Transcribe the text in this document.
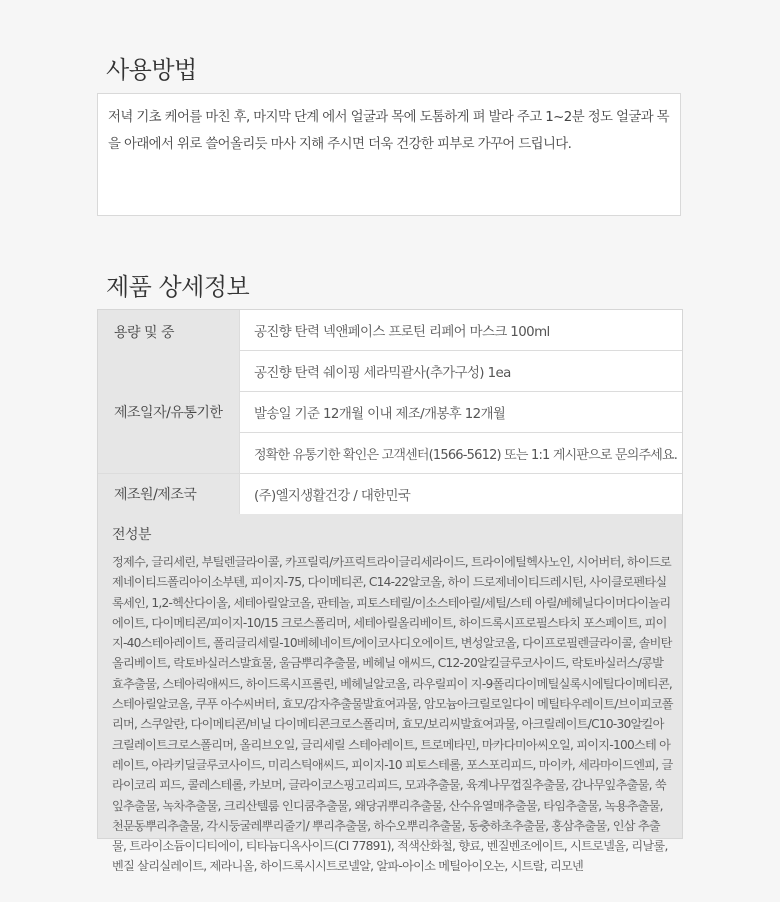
사용방법
저녁 기초 케어를 마친 후, 마지막 단계 에서 얼굴과 목에 도톰하게 펴 발라 주고 1~2분 정도 얼굴과 목을 아래에서 위로 쓸어올리듯 마사 지해 주시면 더욱 건강한 피부로 가꾸어 드립니다.
제품 상세정보
용량 및 중
제조일자/유통기한
제조원/제조국
공진향 탄력 넥앤페이스 프로틴 리페어 마스크 100ml
공진향 탄력 쉐이핑 세라믹괄사(추가구성) 1ea
발송일 기준 12개월 이내 제조/개봉후 12개월
정확한 유통기한 확인은 고객센터(1566-5612) 또는 1:1 게시판으로 문의주세요.
(주)엘지생활건강 / 대한민국

전성분

정제수, 글리세린, 부틸렌글라이콜, 카프릴릭/카프릭트라이글리세라이드, 트라이에틸헥사노인, 시어버터, 하이드로제네이티드폴리아이소부텐, 피이지-75, 다이메티콘, C14-22알코올, 하이 드로제네이티드레시틴, 사이클로펜타실록세인, 1,2-헥산다이올, 세테아릴알코올, 판테놀, 피토스테릴/이소스테아릴/세틸/스테 아릴/베헤닐다이머다이놀리에이트, 다이메티콘/피이지-10/15 크로스폴리머, 세테아릴올리베이트, 하이드록시프로필스타치 포스페이트, 피이지-40스테아레이트, 폴리글리세릴-10베헤네이트/에이코사디오에이트, 변성알코올, 다이프로필렌글라이콜, 솔비탄올리베이트, 락토바실러스발효물, 울금뿌리추출물, 베헤닐 애씨드, C12-20알킬글루코사이드, 락토바실러스/콩발효추출물, 스테아릭애씨드, 하이드록시프롤린, 베헤닐알코올, 라우릴피이 지-9폴리다이메틸실록시에틸다이메티콘, 스테아릴알코올, 쿠푸 아수씨버터, 효모/감자추출물발효여과물, 암모늄아크릴로일다이 메틸타우레이트/브이피코폴리머, 스쿠알란, 다이메티콘/비닐 다이메티콘크로스폴리머, 효모/보리씨발효여과물, 아크릴레이트/C10-30알킬아크릴레이트크로스폴리머, 올리브오일, 글리세릴 스테아레이트, 트로메타민, 마카다미아씨오일, 피이지-100스테 아레이트, 아라키딜글루코사이드, 미리스틱애씨드, 피이지-10 피토스테롤, 포스포리피드, 마이카, 세라마이드엔피, 글라이코리 피드, 콜레스테롤, 카보머, 글라이코스핑고리피드, 모과추출물, 육계나무껍질추출물, 감나무잎추출물, 쑥잎추출물, 녹차추출물, 크리산텔룸 인디쿰추출물, 왜당귀뿌리추출물, 산수유열매추출물, 타임추출물, 녹용추출물, 천문동뿌리추출물, 각시둥굴레뿌리줄기/ 뿌리추출물, 하수오뿌리추출물, 동충하초추출물, 홍삼추출물, 인삼 추출물, 트라이소듐이디티에이, 티타늄디옥사이드(CI 77891), 적색산화철, 향료, 벤질벤조에이트, 시트로넬올, 리날룰, 벤질 살리실레이트, 제라니올, 하이드록시시트로넬알, 알파-아이소 메틸아이오논, 시트랄, 리모넨
